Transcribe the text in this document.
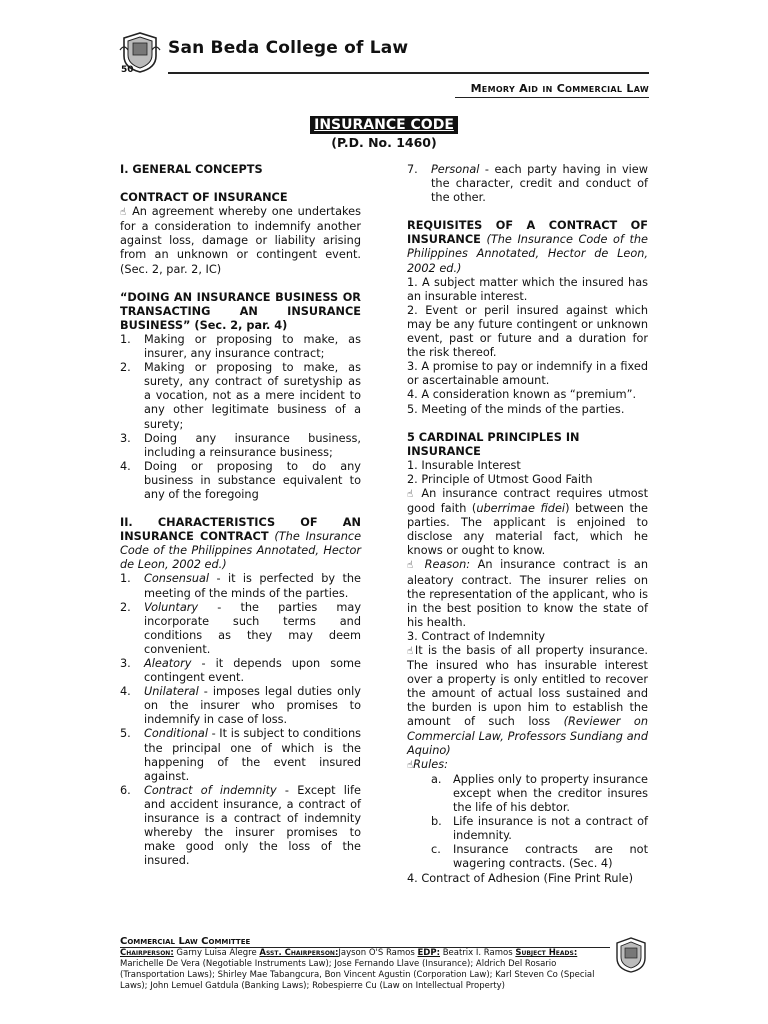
50
San Beda College of Law
Memory Aid in Commercial Law
INSURANCE CODE
(P.D. No. 1460)

I. GENERAL CONCEPTS

CONTRACT OF INSURANCE

☝ An agreement whereby one undertakes for a consideration to indemnify another against loss, damage or liability arising from an unknown or contingent event. (Sec. 2, par. 2, IC)

“DOING AN INSURANCE BUSINESS OR TRANSACTING AN INSURANCE BUSINESS” (Sec. 2, par. 4)

1. Making or proposing to make, as insurer, any insurance contract;
2. Making or proposing to make, as surety, any contract of suretyship as a vocation, not as a mere incident to any other legitimate business of a surety;
3. Doing any insurance business, including a reinsurance business;
4. Doing or proposing to do any business in substance equivalent to any of the foregoing

II. CHARACTERISTICS OF AN INSURANCE CONTRACT (The Insurance Code of the Philippines Annotated, Hector de Leon, 2002 ed.)

1. Consensual - it is perfected by the meeting of the minds of the parties.
2. Voluntary - the parties may incorporate such terms and conditions as they may deem convenient.
3. Aleatory - it depends upon some contingent event.
4. Unilateral - imposes legal duties only on the insurer who promises to indemnify in case of loss.
5. Conditional - It is subject to conditions the principal one of which is the happening of the event insured against.
6. Contract of indemnity - Except life and accident insurance, a contract of insurance is a contract of indemnity whereby the insurer promises to make good only the loss of the insured.
7. Personal - each party having in view the character, credit and conduct of the other.

REQUISITES OF A CONTRACT OF INSURANCE (The Insurance Code of the Philippines Annotated, Hector de Leon, 2002 ed.)

1. A subject matter which the insured has an insurable interest.

2. Event or peril insured against which may be any future contingent or unknown event, past or future and a duration for the risk thereof.

3. A promise to pay or indemnify in a fixed or ascertainable amount.

4. A consideration known as “premium”.

5. Meeting of the minds of the parties.

5 CARDINAL PRINCIPLES IN INSURANCE

1. Insurable Interest

2. Principle of Utmost Good Faith

☝ An insurance contract requires utmost good faith (uberrimae fidei) between the parties. The applicant is enjoined to disclose any material fact, which he knows or ought to know.

☝ Reason: An insurance contract is an aleatory contract. The insurer relies on the representation of the applicant, who is in the best position to know the state of his health.

3. Contract of Indemnity

☝It is the basis of all property insurance. The insured who has insurable interest over a property is only entitled to recover the amount of actual loss sustained and the burden is upon him to establish the amount of such loss (Reviewer on Commercial Law, Professors Sundiang and Aquino)

☝Rules:

a. Applies only to property insurance except when the creditor insures the life of his debtor.
b. Life insurance is not a contract of indemnity.
c. Insurance contracts are not wagering contracts. (Sec. 4)

4. Contract of Adhesion (Fine Print Rule)

Commercial Law Committee
Chairperson: Garny Luisa Alegre Asst. Chairperson:Jayson O'S Ramos EDP: Beatrix I. Ramos Subject Heads: Marichelle De Vera (Negotiable Instruments Law); Jose Fernando Llave (Insurance); Aldrich Del Rosario (Transportation Laws); Shirley Mae Tabangcura, Bon Vincent Agustin (Corporation Law); Karl Steven Co (Special Laws); John Lemuel Gatdula (Banking Laws); Robespierre Cu (Law on Intellectual Property)
